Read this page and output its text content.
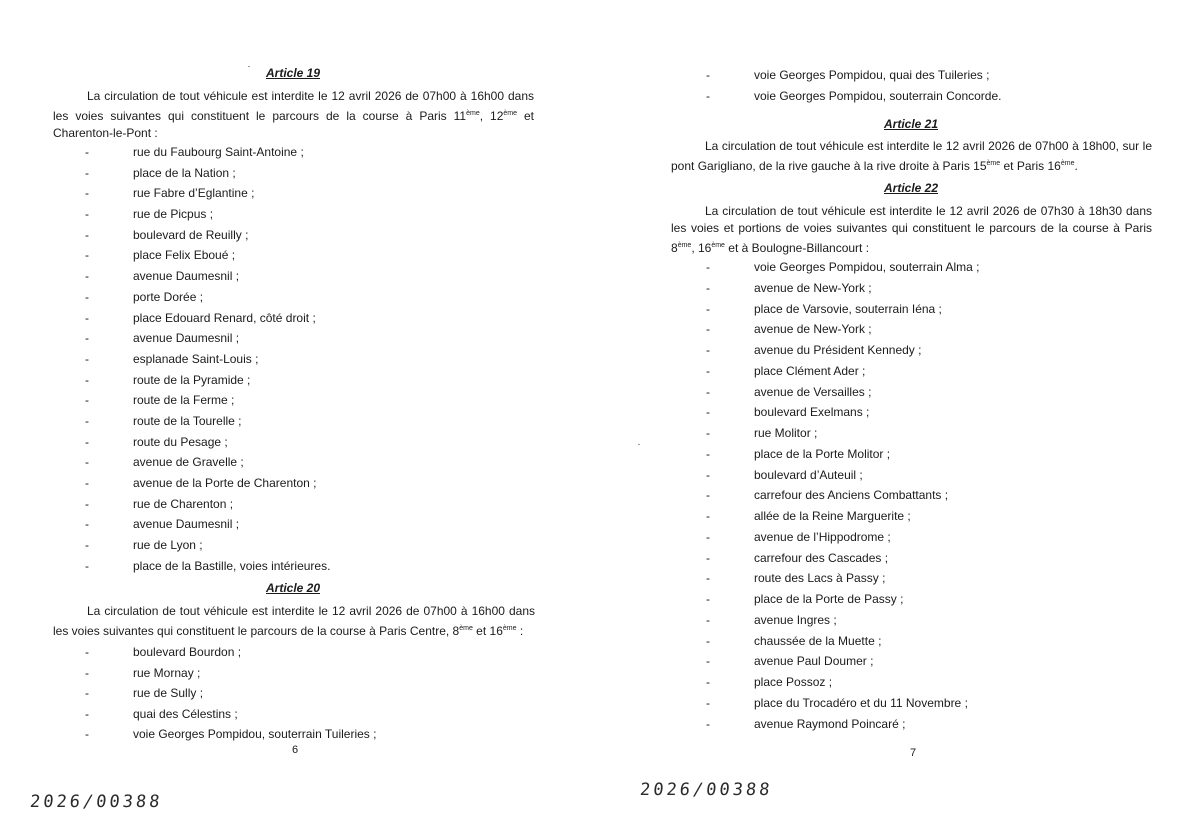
Article 19

La circulation de tout véhicule est interdite le 12 avril 2026 de 07h00 à 16h00 dans les voies suivantes qui constituent le parcours de la course à Paris 11ème, 12ème et Charenton-le-Pont :

-	rue du Faubourg Saint-Antoine ;
-	place de la Nation ;
-	rue Fabre d’Eglantine ;
-	rue de Picpus ;
-	boulevard de Reuilly ;
-	place Felix Eboué ;
-	avenue Daumesnil ;
-	porte Dorée ;
-	place Edouard Renard, côté droit ;
-	avenue Daumesnil ;
-	esplanade Saint-Louis ;
-	route de la Pyramide ;
-	route de la Ferme ;
-	route de la Tourelle ;
-	route du Pesage ;
-	avenue de Gravelle ;
-	avenue de la Porte de Charenton ;
-	rue de Charenton ;
-	avenue Daumesnil ;
-	rue de Lyon ;
-	place de la Bastille, voies intérieures.
Article 20

La circulation de tout véhicule est interdite le 12 avril 2026 de 07h00 à 16h00 dans les voies suivantes qui constituent le parcours de la course à Paris Centre, 8ème et 16ème :

-	boulevard Bourdon ;
-	rue Mornay ;
-	rue de Sully ;
-	quai des Célestins ;
-	voie Georges Pompidou, souterrain Tuileries ;
6
2026/00388
-	voie Georges Pompidou, quai des Tuileries ;
-	voie Georges Pompidou, souterrain Concorde.
Article 21

La circulation de tout véhicule est interdite le 12 avril 2026 de 07h00 à 18h00, sur le pont Garigliano, de la rive gauche à la rive droite à Paris 15ème et Paris 16ème.

Article 22

La circulation de tout véhicule est interdite le 12 avril 2026 de 07h30 à 18h30 dans les voies et portions de voies suivantes qui constituent le parcours de la course à Paris 8ème, 16ème et à Boulogne-Billancourt :

-	voie Georges Pompidou, souterrain Alma ;
-	avenue de New-York ;
-	place de Varsovie, souterrain Iéna ;
-	avenue de New-York ;
-	avenue du Président Kennedy ;
-	place Clément Ader ;
-	avenue de Versailles ;
-	boulevard Exelmans ;
-	rue Molitor ;
-	place de la Porte Molitor ;
-	boulevard d’Auteuil ;
-	carrefour des Anciens Combattants ;
-	allée de la Reine Marguerite ;
-	avenue de l’Hippodrome ;
-	carrefour des Cascades ;
-	route des Lacs à Passy ;
-	place de la Porte de Passy ;
-	avenue Ingres ;
-	chaussée de la Muette ;
-	avenue Paul Doumer ;
-	place Possoz ;
-	place du Trocadéro et du 11 Novembre ;
-	avenue Raymond Poincaré ;
7
2026/00388
